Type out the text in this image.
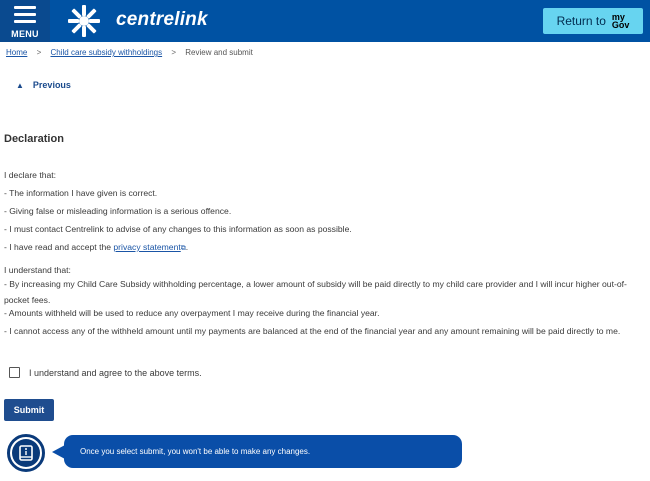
MENU
centrelink	Return to my
Gov
Home > Child care subsidy withholdings > Review and submit
▲ Previous
Declaration
I declare that:
- The information I have given is correct.
- Giving false or misleading information is a serious offence.
- I must contact Centrelink to advise of any changes to this information as soon as possible.
- I have read and accept the privacy statement⧉.
I understand that:
- By increasing my Child Care Subsidy withholding percentage, a lower amount of subsidy will be paid directly to my child care provider and I will incur higher out-of-pocket fees.
- Amounts withheld will be used to reduce any overpayment I may receive during the financial year.
- I cannot access any of the withheld amount until my payments are balanced at the end of the financial year and any amount remaining will be paid directly to me.
I understand and agree to the above terms.
Submit
Once you select submit, you won't be able to make any changes.
